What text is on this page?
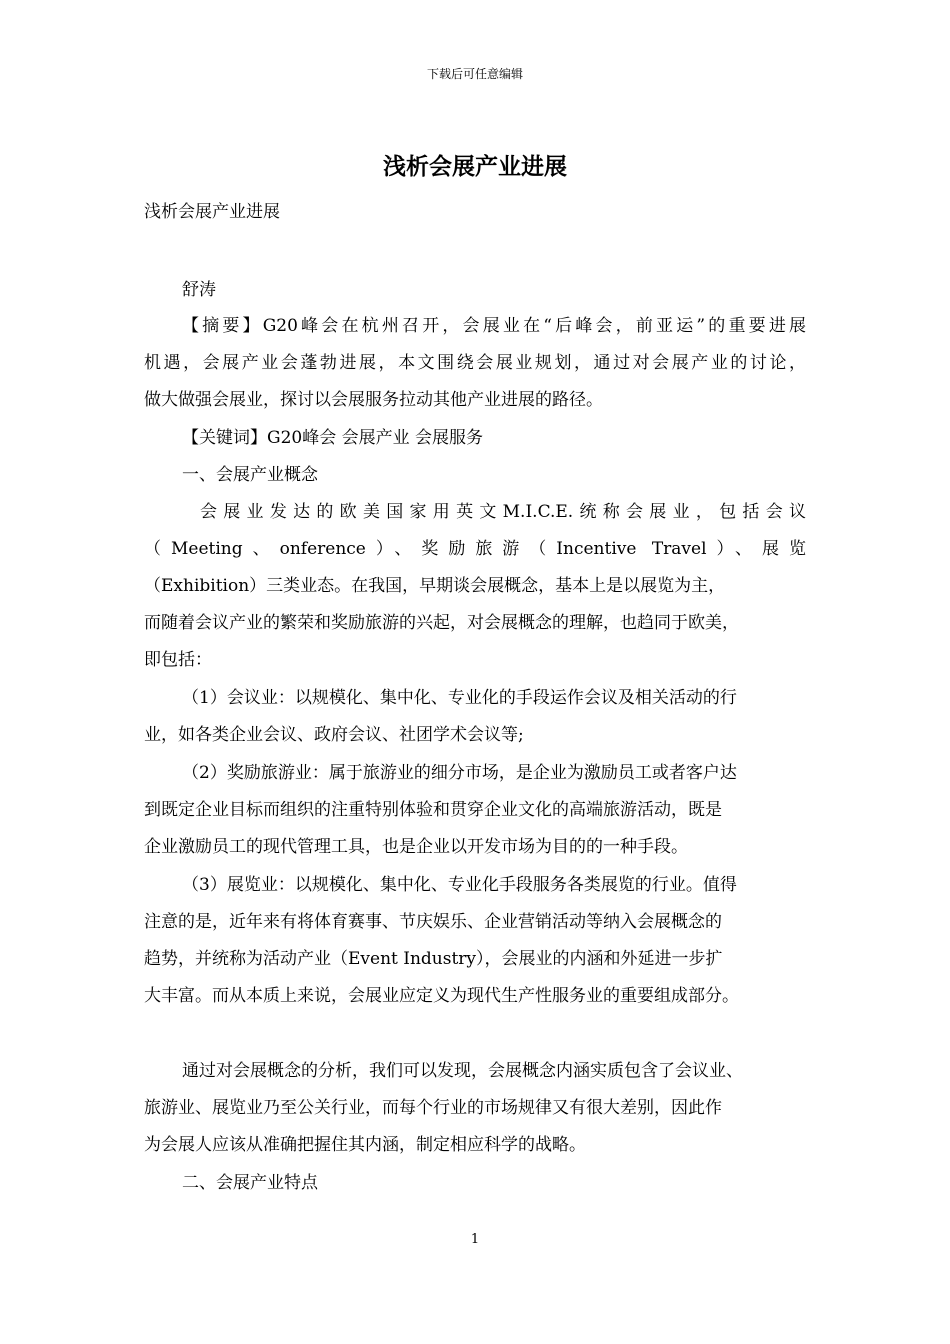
下载后可任意编辑
浅析会展产业进展
浅析会展产业进展
舒涛
【摘要】G20峰会在杭州召开，会展业在“后峰会，前亚运”的重要进展
机遇，会展产业会蓬勃进展，本文围绕会展业规划，通过对会展产业的讨论，
做大做强会展业，探讨以会展服务拉动其他产业进展的路径。
【关键词】G20峰会 会展产业 会展服务
一、会展产业概念
会展业发达的欧美国家用英文M.I.C.E.统称会展业，包括会议
（Meeting、onference）、奖励旅游（Incentive Travel）、展览
（Exhibition）三类业态。在我国，早期谈会展概念，基本上是以展览为主，
而随着会议产业的繁荣和奖励旅游的兴起，对会展概念的理解，也趋同于欧美，
即包括：
（1）会议业：以规模化、集中化、专业化的手段运作会议及相关活动的行
业，如各类企业会议、政府会议、社团学术会议等;
（2）奖励旅游业：属于旅游业的细分市场，是企业为激励员工或者客户达
到既定企业目标而组织的注重特别体验和贯穿企业文化的高端旅游活动，既是
企业激励员工的现代管理工具，也是企业以开发市场为目的的一种手段。
（3）展览业：以规模化、集中化、专业化手段服务各类展览的行业。值得
注意的是，近年来有将体育赛事、节庆娱乐、企业营销活动等纳入会展概念的
趋势，并统称为活动产业（Event Industry），会展业的内涵和外延进一步扩
大丰富。而从本质上来说，会展业应定义为现代生产性服务业的重要组成部分。
通过对会展概念的分析，我们可以发现，会展概念内涵实质包含了会议业、
旅游业、展览业乃至公关行业，而每个行业的市场规律又有很大差别，因此作
为会展人应该从准确把握住其内涵，制定相应科学的战略。
二、会展产业特点
1
